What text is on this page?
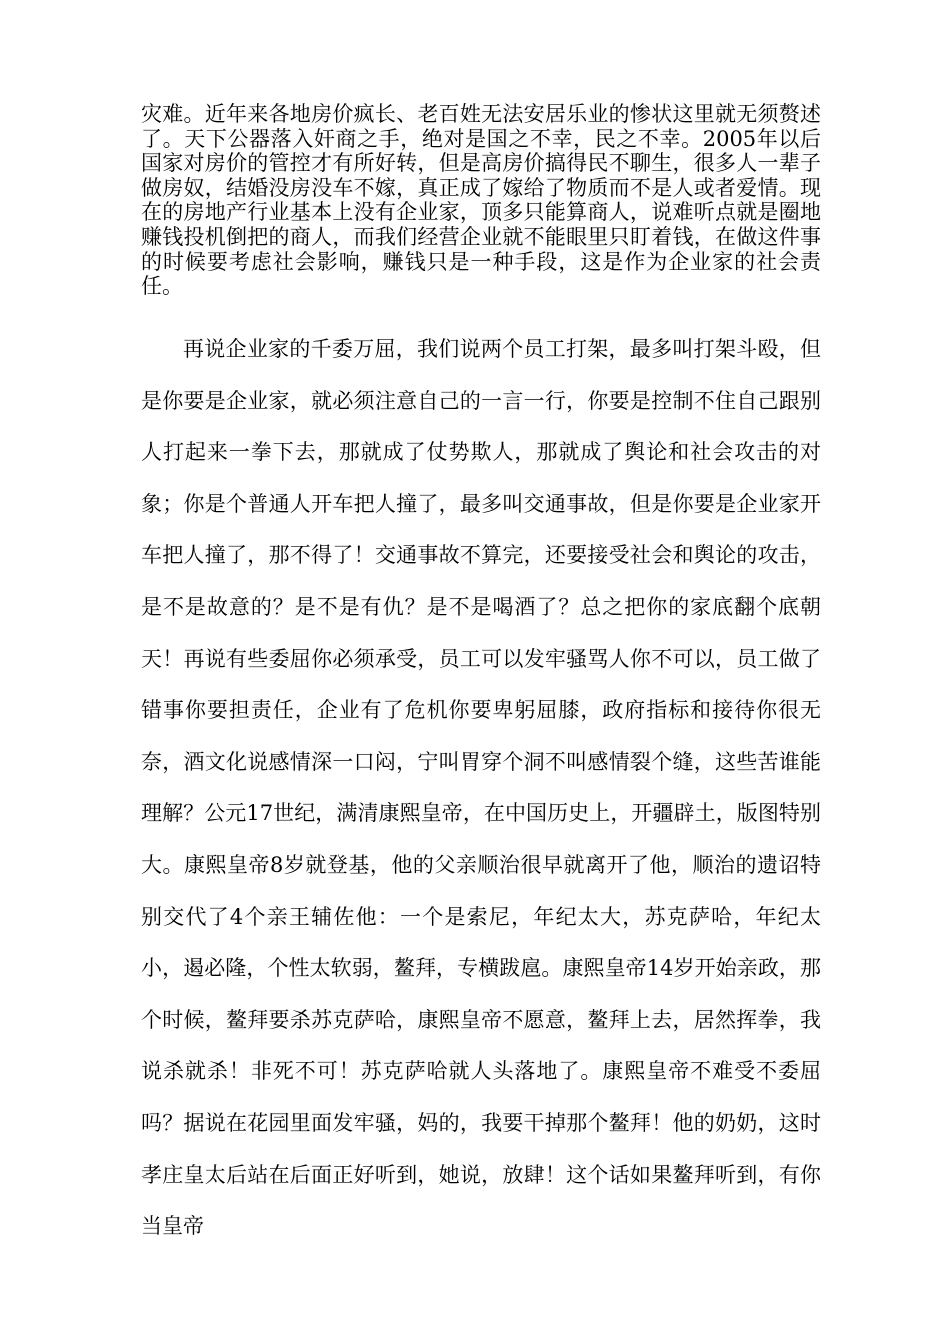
灾难。近年来各地房价疯长、老百姓无法安居乐业的惨状这里就无须赘述了。天下公器落入奸商之手，绝对是国之不幸，民之不幸。2005年以后国家对房价的管控才有所好转，但是高房价搞得民不聊生，很多人一辈子做房奴，结婚没房没车不嫁，真正成了嫁给了物质而不是人或者爱情。现在的房地产行业基本上没有企业家，顶多只能算商人，说难听点就是圈地赚钱投机倒把的商人，而我们经营企业就不能眼里只盯着钱，在做这件事的时候要考虑社会影响，赚钱只是一种手段，这是作为企业家的社会责任。

再说企业家的千委万屈，我们说两个员工打架，最多叫打架斗殴，但是你要是企业家，就必须注意自己的一言一行，你要是控制不住自己跟别人打起来一拳下去，那就成了仗势欺人，那就成了舆论和社会攻击的对象；你是个普通人开车把人撞了，最多叫交通事故，但是你要是企业家开车把人撞了，那不得了！交通事故不算完，还要接受社会和舆论的攻击，是不是故意的？是不是有仇？是不是喝酒了？总之把你的家底翻个底朝天！再说有些委屈你必须承受，员工可以发牢骚骂人你不可以，员工做了错事你要担责任，企业有了危机你要卑躬屈膝，政府指标和接待你很无奈，酒文化说感情深一口闷，宁叫胃穿个洞不叫感情裂个缝，这些苦谁能理解？公元17世纪，满清康熙皇帝，在中国历史上，开疆辟土，版图特别大。康熙皇帝8岁就登基，他的父亲顺治很早就离开了他，顺治的遗诏特别交代了4个亲王辅佐他：一个是索尼，年纪太大，苏克萨哈，年纪太小，遏必隆，个性太软弱，鳌拜，专横跋扈。康熙皇帝14岁开始亲政，那个时候，鳌拜要杀苏克萨哈，康熙皇帝不愿意，鳌拜上去，居然挥拳，我说杀就杀！非死不可！苏克萨哈就人头落地了。康熙皇帝不难受不委屈吗？据说在花园里面发牢骚，妈的，我要干掉那个鳌拜！他的奶奶，这时孝庄皇太后站在后面正好听到，她说，放肆！这个话如果鳌拜听到，有你当皇帝
